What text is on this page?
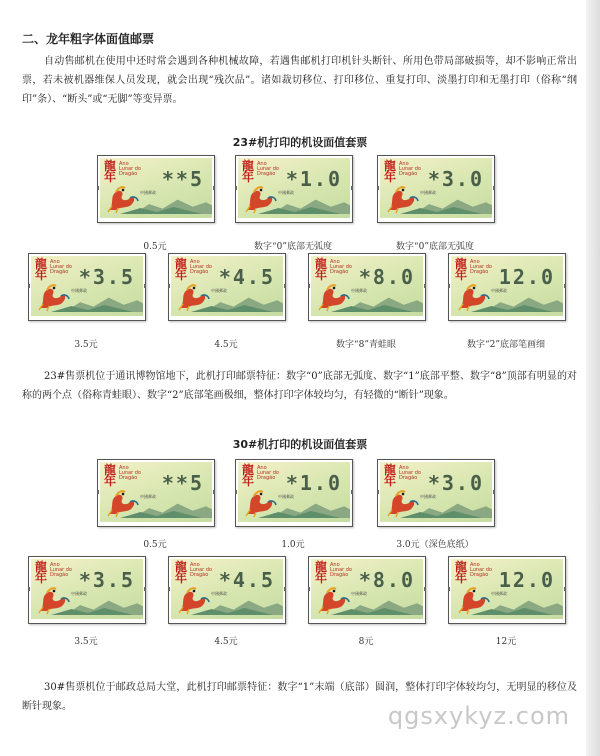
二、龙年粗字体面值邮票
自动售邮机在使用中还时常会遇到各种机械故障，若遇售邮机打印机针头断针、所用色带局部破损等，却不影响正常出票，若未被机器维保人员发现，就会出现“残次品”。诸如裁切移位、打印移位、重复打印、淡墨打印和无墨打印（俗称“纲印”条）、“断头”或“无脚”等变异票。
23#机打印的机设面值套票
龍年
Ano Lunar do Dragão
中國郵政
**5
0.5元
龍年
Ano Lunar do Dragão
中國郵政
*1.0
数字“0”底部无弧度
龍年
Ano Lunar do Dragão
中國郵政
*3.0
数字“0”底部无弧度
龍年
Ano Lunar do Dragão
中國郵政
*3.5
3.5元
龍年
Ano Lunar do Dragão
中國郵政
*4.5
4.5元
龍年
Ano Lunar do Dragão
中國郵政
*8.0
数字“8”青蛙眼
龍年
Ano Lunar do Dragão
中國郵政
12.0
数字“2”底部笔画细
23#售票机位于通讯博物馆地下，此机打印邮票特征：数字“0”底部无弧度、数字“1”底部平整、数字“8”顶部有明显的对称的两个点（俗称青蛙眼）、数字“2”底部笔画极细，整体打印字体较均匀，有轻微的“断针”现象。
30#机打印的机设面值套票
龍年
Ano Lunar do Dragão
中國郵政
**5
0.5元
龍年
Ano Lunar do Dragão
中國郵政
*1.0
1.0元
龍年
Ano Lunar do Dragão
中國郵政
*3.0
3.0元（深色底纸）
龍年
Ano Lunar do Dragão
中國郵政
*3.5
3.5元
龍年
Ano Lunar do Dragão
中國郵政
*4.5
4.5元
龍年
Ano Lunar do Dragão
中國郵政
*8.0
8元
龍年
Ano Lunar do Dragão
中國郵政
12.0
12元
30#售票机位于邮政总局大堂，此机打印邮票特征：数字“1”末端（底部）圆润，整体打印字体较均匀，无明显的移位及断针现象。	qgsxykyz.com
